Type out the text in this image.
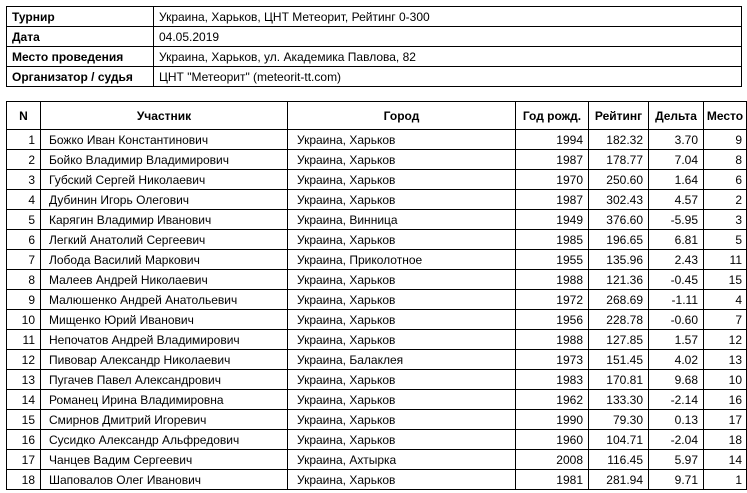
Турнир	Украина, Харьков, ЦНТ Метеорит, Рейтинг 0-300
Дата	04.05.2019
Место проведения	Украина, Харьков, ул. Академика Павлова, 82
Организатор / судья	ЦНТ "Метеорит" (meteorit-tt.com)
N	Участник	Город	Год рожд.	Рейтинг	Дельта	Место
1	Божко Иван Константинович	Украина, Харьков	1994	182.32	3.70	9
2	Бойко Владимир Владимирович	Украина, Харьков	1987	178.77	7.04	8
3	Губский Сергей Николаевич	Украина, Харьков	1970	250.60	1.64	6
4	Дубинин Игорь Олегович	Украина, Харьков	1987	302.43	4.57	2
5	Карягин Владимир Иванович	Украина, Винница	1949	376.60	-5.95	3
6	Легкий Анатолий Сергеевич	Украина, Харьков	1985	196.65	6.81	5
7	Лобода Василий Маркович	Украина, Приколотное	1955	135.96	2.43	11
8	Малеев Андрей Николаевич	Украина, Харьков	1988	121.36	-0.45	15
9	Малюшенко Андрей Анатольевич	Украина, Харьков	1972	268.69	-1.11	4
10	Мищенко Юрий Иванович	Украина, Харьков	1956	228.78	-0.60	7
11	Непочатов Андрей Владимирович	Украина, Харьков	1988	127.85	1.57	12
12	Пивовар Александр Николаевич	Украина, Балаклея	1973	151.45	4.02	13
13	Пугачев Павел Александрович	Украина, Харьков	1983	170.81	9.68	10
14	Романец Ирина Владимировна	Украина, Харьков	1962	133.30	-2.14	16
15	Смирнов Дмитрий Игоревич	Украина, Харьков	1990	79.30	0.13	17
16	Сусидко Александр Альфредович	Украина, Харьков	1960	104.71	-2.04	18
17	Чанцев Вадим Сергеевич	Украина, Ахтырка	2008	116.45	5.97	14
18	Шаповалов Олег Иванович	Украина, Харьков	1981	281.94	9.71	1
